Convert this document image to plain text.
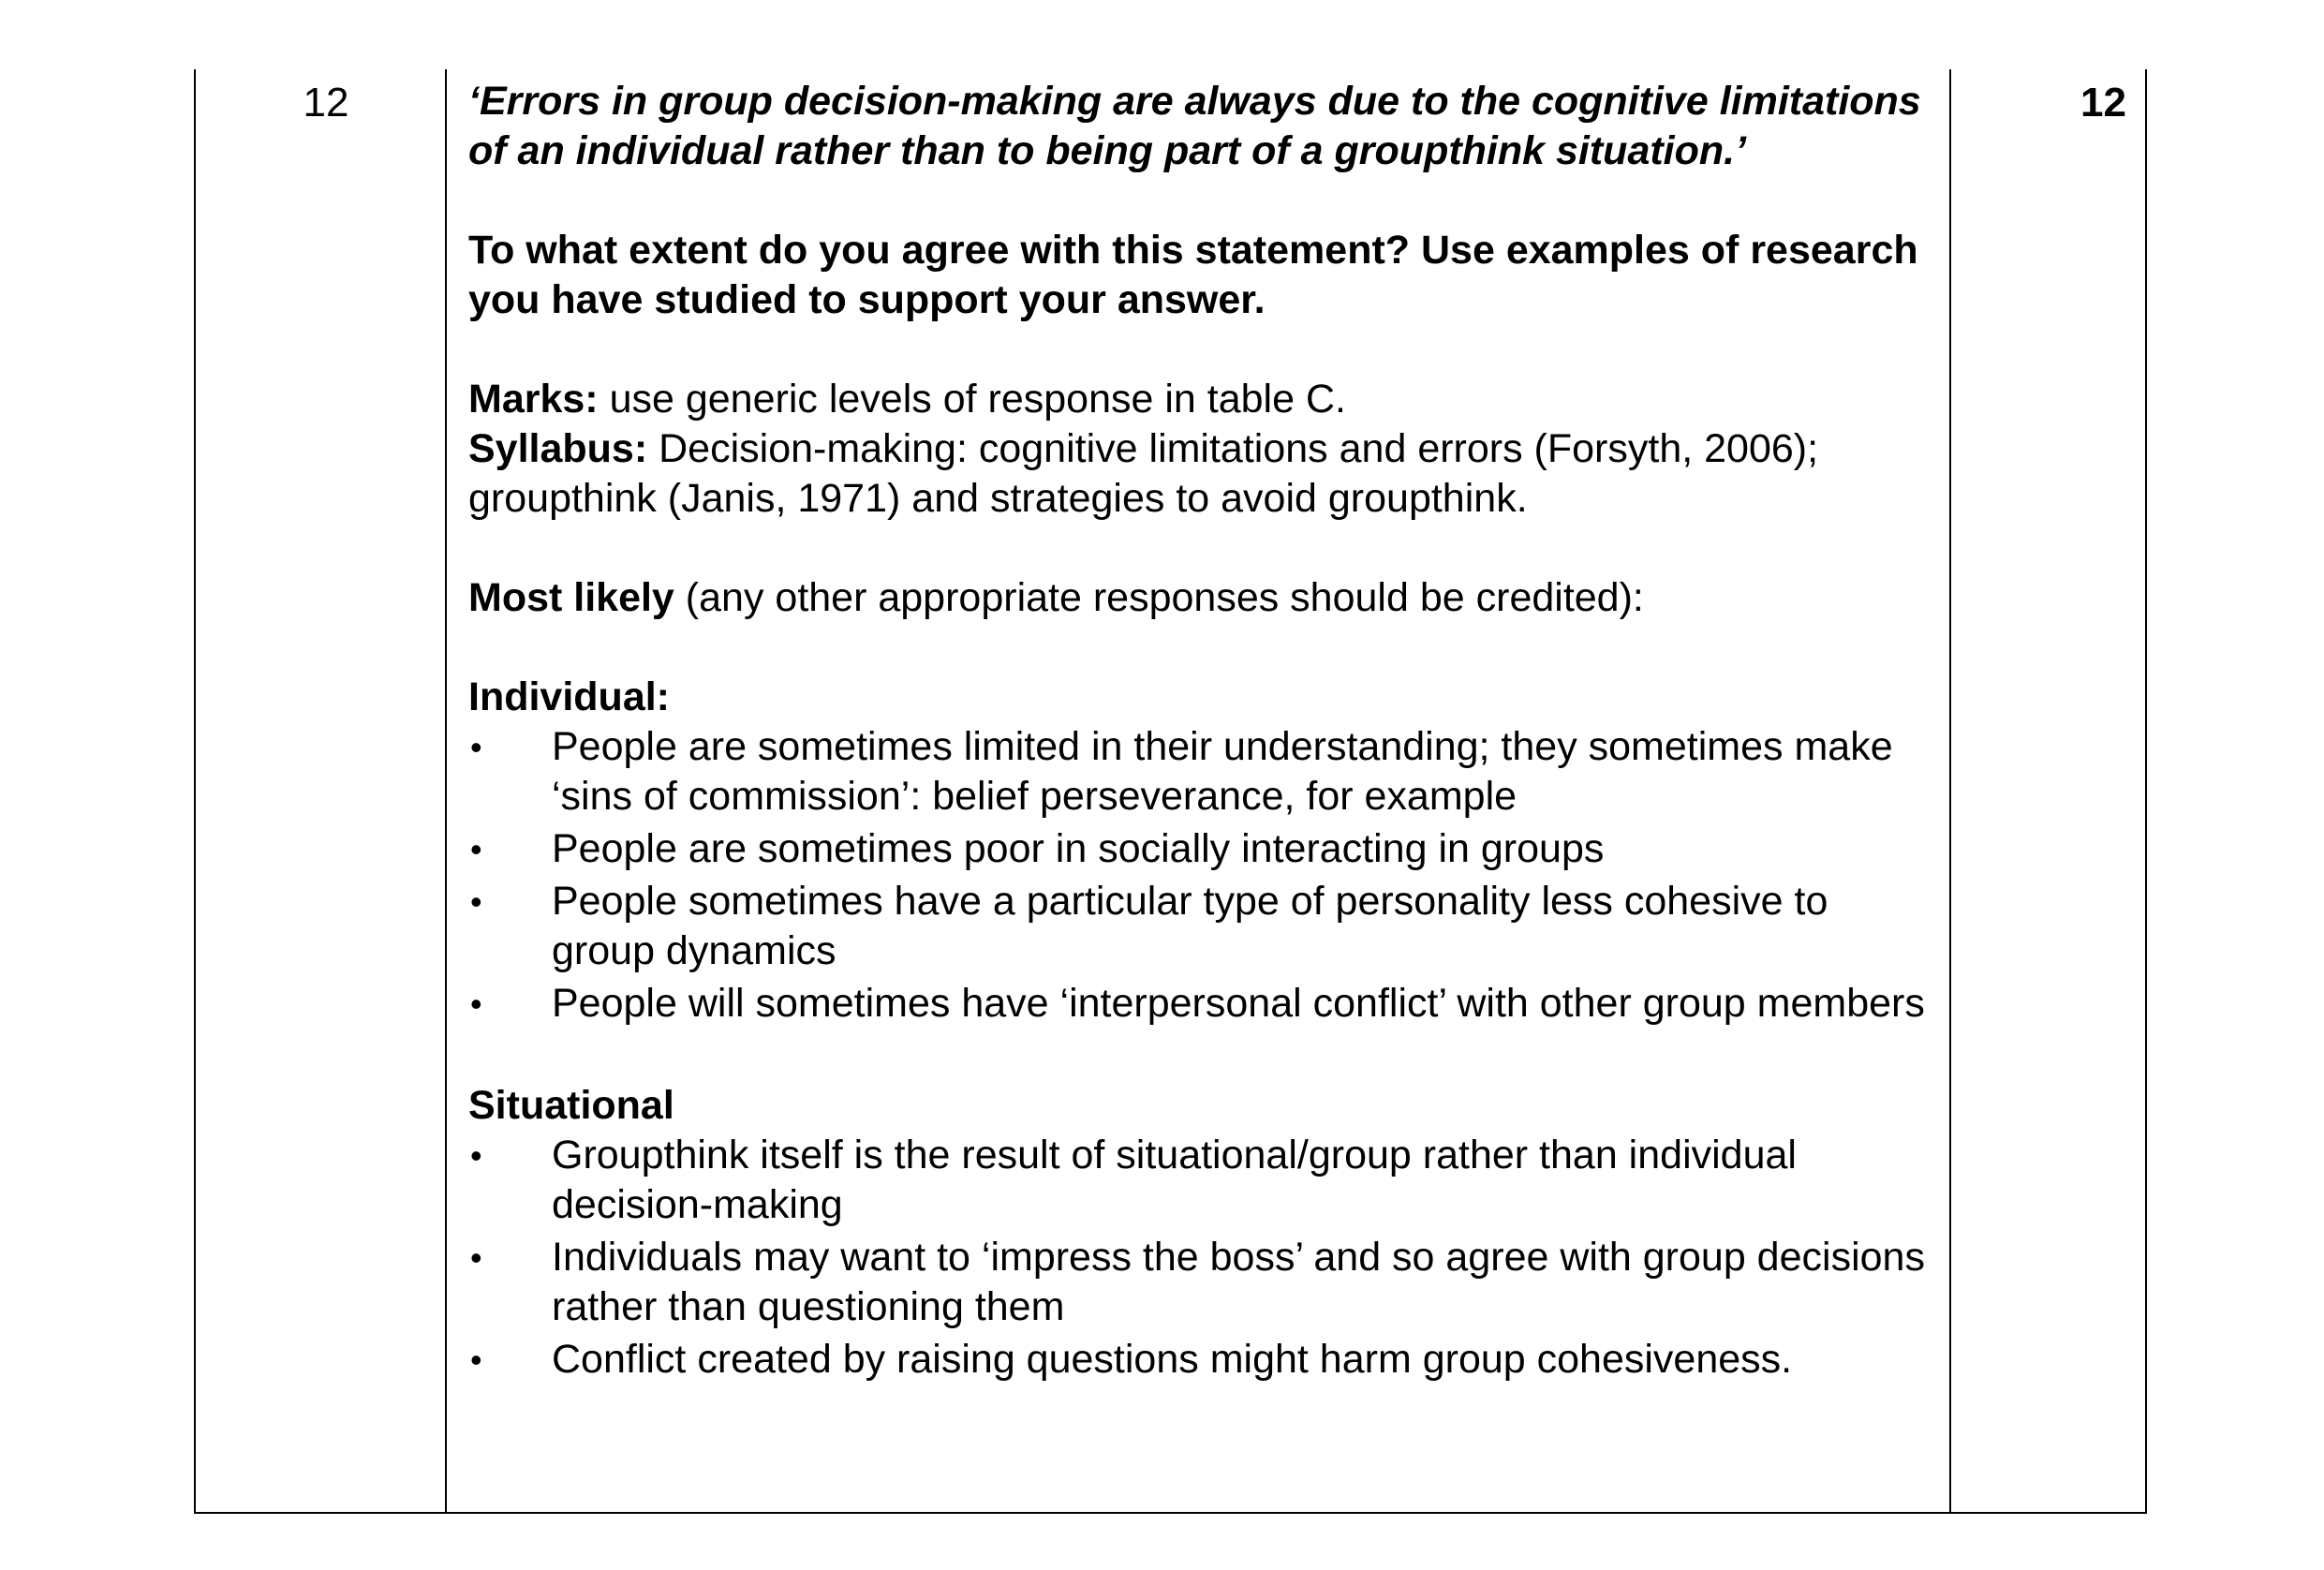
12	12

‘Errors in group decision-making are always due to the cognitive limitations of an individual rather than to being part of a groupthink situation.’

To what extent do you agree with this statement? Use examples of research you have studied to support your answer.

Marks: use generic levels of response in table C.

Syllabus: Decision-making: cognitive limitations and errors (Forsyth, 2006); groupthink (Janis, 1971) and strategies to avoid groupthink.

Most likely (any other appropriate responses should be credited):

Individual:

• People are sometimes limited in their understanding; they sometimes make ‘sins of commission’: belief perseverance, for example
• People are sometimes poor in socially interacting in groups
• People sometimes have a particular type of personality less cohesive to group dynamics
• People will sometimes have ‘interpersonal conflict’ with other group members

Situational

• Groupthink itself is the result of situational/group rather than individual decision-making
• Individuals may want to ‘impress the boss’ and so agree with group decisions rather than questioning them
• Conflict created by raising questions might harm group cohesiveness.
